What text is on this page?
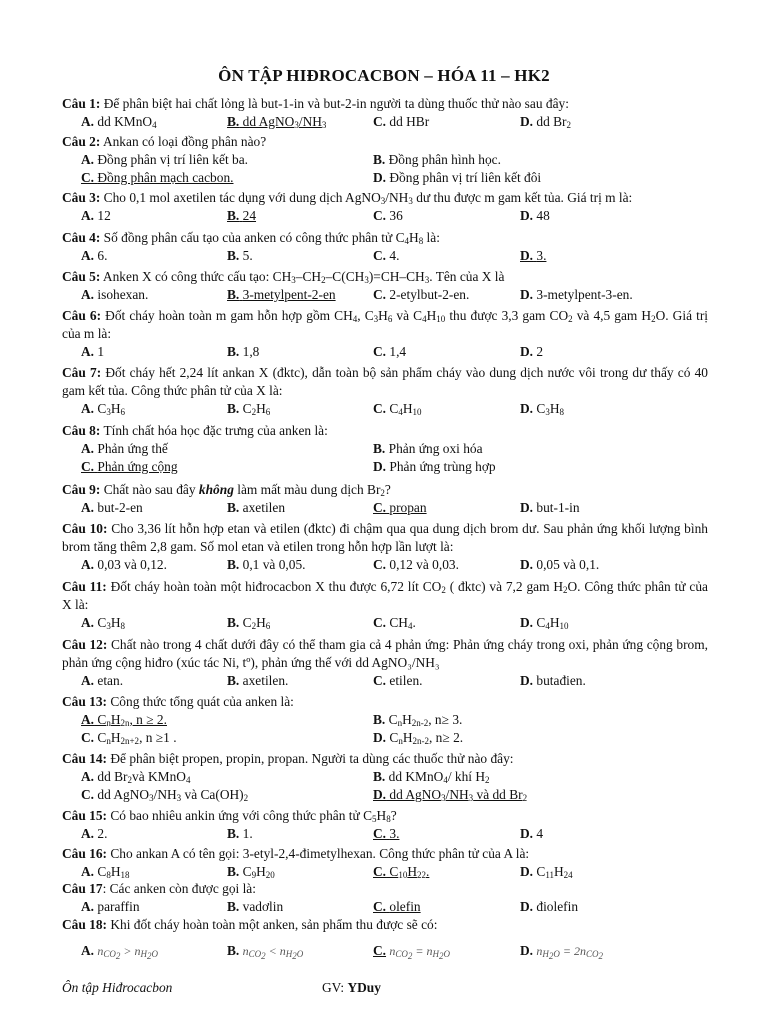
ÔN TẬP HIĐROCACBON – HÓA 11 – HK2
Câu 1: Để phân biệt hai chất lỏng là but-1-in và but-2-in người ta dùng thuốc thử nào sau đây:
A. dd KMnO$_4$	B. dd $AgNO_3/NH_3$	C. dd HBr	D. dd $Br_2$
Câu 2: Ankan có loại đồng phân nào?
A. Đồng phân vị trí liên kết ba.	B. Đồng phân hình học.
C. Đồng phân mạch cacbon.	D. Đồng phân vị trí liên kết đôi
Câu 3: Cho 0,1 mol axetilen tác dụng với dung dịch $AgNO_3/NH_3$ dư thu được m gam kết tủa. Giá trị m là:
A. 12	B. 24	C. 36	D. 48
Câu 4: Số đồng phân cấu tạo của anken có công thức phân tử $C_4H_8$ là:
A. 6.	B. 5.	C. 4.	D. 3.
Câu 5: Anken X có công thức cấu tạo: $CH_3-CH_2-C(CH_3)=CH-CH_3$. Tên của X là
A. isohexan.	B. 3-metylpent-2-en	C. 2-etylbut-2-en.	D. 3-metylpent-3-en.
Câu 6: Đốt cháy hoàn toàn m gam hỗn hợp gồm $CH_4$, $C_3H_6$ và $C_4H_{10}$ thu được 3,3 gam $CO_2$ và 4,5 gam $H_2O$. Giá trị của m là:
A. 1	B. 1,8	C. 1,4	D. 2
Câu 7: Đốt cháy hết 2,24 lít ankan X (đktc), dẫn toàn bộ sản phẩm cháy vào dung dịch nước vôi trong dư thấy có 40 gam kết tủa. Công thức phân tử của X là:
A. $C_3H_6$	B. $C_2H_6$	C. $C_4H_{10}$	D. $C_3H_8$
Câu 8: Tính chất hóa học đặc trưng của anken là:
A. Phản ứng thế	B. Phản ứng oxi hóa
C. Phản ứng cộng	D. Phản ứng trùng hợp
Câu 9: Chất nào sau đây không làm mất màu dung dịch $Br_2$?
A. but-2-en	B. axetilen	C. propan	D. but-1-in
Câu 10: Cho 3,36 lít hỗn hợp etan và etilen (đktc) đi chậm qua qua dung dịch brom dư. Sau phản ứng khối lượng bình brom tăng thêm 2,8 gam. Số mol etan và etilen trong hỗn hợp lần lượt là:
A. 0,03 và 0,12.	B. 0,1 và 0,05.	C. 0,12 và 0,03.	D. 0,05 và 0,1.
Câu 11: Đốt cháy hoàn toàn một hiđrocacbon X thu được 6,72 lít $CO_2$ ( đktc) và 7,2 gam $H_2O$. Công thức phân tử của X là:
A. $C_3H_8$	B. $C_2H_6$	C. $CH_4$.	D. $C_4H_{10}$
Câu 12: Chất nào trong 4 chất dưới đây có thể tham gia cả 4 phản ứng: Phản ứng cháy trong oxi, phản ứng cộng brom, phản ứng cộng hiđro (xúc tác Ni, tº), phản ứng thế với dd AgNO₃/NH₃
A. etan.	B. axetilen.	C. etilen.	D. butađien.
Câu 13: Công thức tổng quát của anken là:
A. $C_nH_{2n}$, n ≥ 2.	B. $C_nH_{2n-2}$, n≥ 3.
C. $C_nH_{2n+2}$, n ≥1 .	D. $C_nH_{2n-2}$, n≥ 2.
Câu 14: Để phân biệt propen, propin, propan. Người ta dùng các thuốc thử nào đây:
A. dd $Br_2và$ KMnO$_4$	B. dd KMnO$_4$/ khí $H_2$
C. dd $AgNO_3/NH_3$ và $Ca(OH)_2$	D. dd $AgNO_3/NH_3$ và dd $Br_2$
Câu 15: Có bao nhiêu ankin ứng với công thức phân tử $C_5H_8$?
A. 2.	B. 1.	C. 3.	D. 4
Câu 16: Cho ankan A có tên gọi: 3-etyl-2,4-đimetylhexan. Công thức phân tử của A là:
A. $C_8H_{18}$	B. $C_9H_{20}$	C. $C_{10}H_{22}$.	D. $C_{11}H_{24}$
Câu 17: Các anken còn được gọi là:
A. paraffin	B. vadơlin	C. olefin	D. điolefin
Câu 18: Khi đốt cháy hoàn toàn một anken, sản phẩm thu được sẽ có:
A. $n_{CO_2} > n_{H_2O}$	B. $n_{CO_2} < n_{H_2O}$	C. $n_{CO_2} = n_{H_2O}$	D. $n_{H_2O} = 2n_{CO_2}$
Ôn tập Hiđrocacbon	GV: YDuy
